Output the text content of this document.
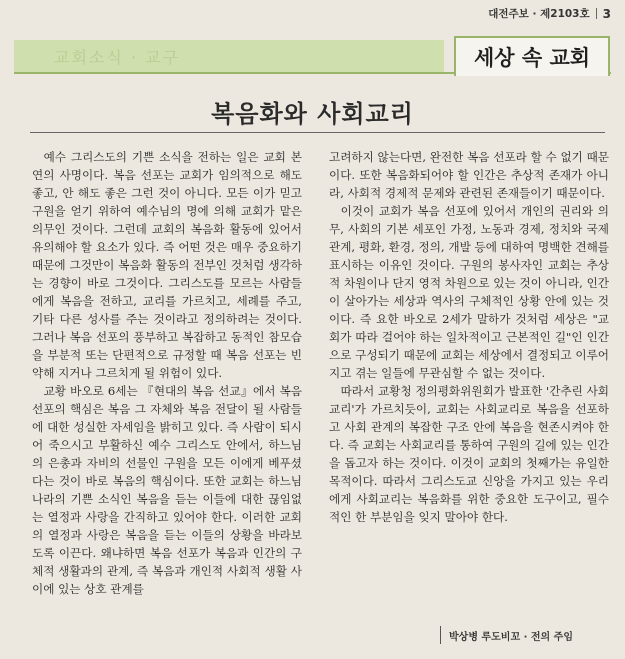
대전주보 · 제2103호 3
교회소식 · 교구	세상 속 교회
복음화와 사회교리

예수 그리스도의 기쁜 소식을 전하는 일은 교회 본연의 사명이다. 복음 선포는 교회가 임의적으로 해도 좋고, 안 해도 좋은 그런 것이 아니다. 모든 이가 믿고 구원을 얻기 위하여 예수님의 명에 의해 교회가 맡은 의무인 것이다. 그런데 교회의 복음화 활동에 있어서 유의해야 할 요소가 있다. 즉 어떤 것은 매우 중요하기 때문에 그것만이 복음화 활동의 전부인 것처럼 생각하는 경향이 바로 그것이다. 그리스도를 모르는 사람들에게 복음을 전하고, 교리를 가르치고, 세례를 주고, 기타 다른 성사를 주는 것이라고 정의하려는 것이다. 그러나 복음 선포의 풍부하고 복잡하고 동적인 참모습을 부분적 또는 단편적으로 규정할 때 복음 선포는 빈약해 지거나 그르치게 될 위험이 있다.

교황 바오로 6세는 『현대의 복음 선교』에서 복음 선포의 핵심은 복음 그 자체와 복음 전달이 될 사람들에 대한 성실한 자세임을 밝히고 있다. 즉 사람이 되시어 죽으시고 부활하신 예수 그리스도 안에서, 하느님의 은총과 자비의 선물인 구원을 모든 이에게 베푸셨다는 것이 바로 복음의 핵심이다. 또한 교회는 하느님 나라의 기쁜 소식인 복음을 듣는 이들에 대한 끊임없는 열정과 사랑을 간직하고 있어야 한다. 이러한 교회의 열정과 사랑은 복음을 듣는 이들의 상황을 바라보도록 이끈다. 왜냐하면 복음 선포가 복음과 인간의 구체적 생활과의 관계, 즉 복음과 개인적 사회적 생활 사이에 있는 상호 관계를

고려하지 않는다면, 완전한 복음 선포라 할 수 없기 때문이다. 또한 복음화되어야 할 인간은 추상적 존재가 아니라, 사회적 경제적 문제와 관련된 존재들이기 때문이다.

이것이 교회가 복음 선포에 있어서 개인의 권리와 의무, 사회의 기본 세포인 가정, 노동과 경제, 정치와 국제 관계, 평화, 환경, 정의, 개발 등에 대하여 명백한 견해를 표시하는 이유인 것이다. 구원의 봉사자인 교회는 추상적 차원이나 단지 영적 차원으로 있는 것이 아니라, 인간이 살아가는 세상과 역사의 구체적인 상황 안에 있는 것이다. 즉 요한 바오로 2세가 말하가 것처럼 세상은 "교회가 따라 걸어야 하는 일차적이고 근본적인 길"인 인간으로 구성되기 때문에 교회는 세상에서 결정되고 이루어지고 겪는 일들에 무관심할 수 없는 것이다.

따라서 교황청 정의평화위원회가 발표한 '간추린 사회교리'가 가르치듯이, 교회는 사회교리로 복음을 선포하고 사회 관계의 복잡한 구조 안에 복음을 현존시켜야 한다. 즉 교회는 사회교리를 통하여 구원의 길에 있는 인간을 돕고자 하는 것이다. 이것이 교회의 첫째가는 유일한 목적이다. 따라서 그리스도교 신앙을 가지고 있는 우리에게 사회교리는 복음화를 위한 중요한 도구이고, 필수적인 한 부분임을 잊지 말아야 한다.

박상병 루도비꼬 · 전의 주임
